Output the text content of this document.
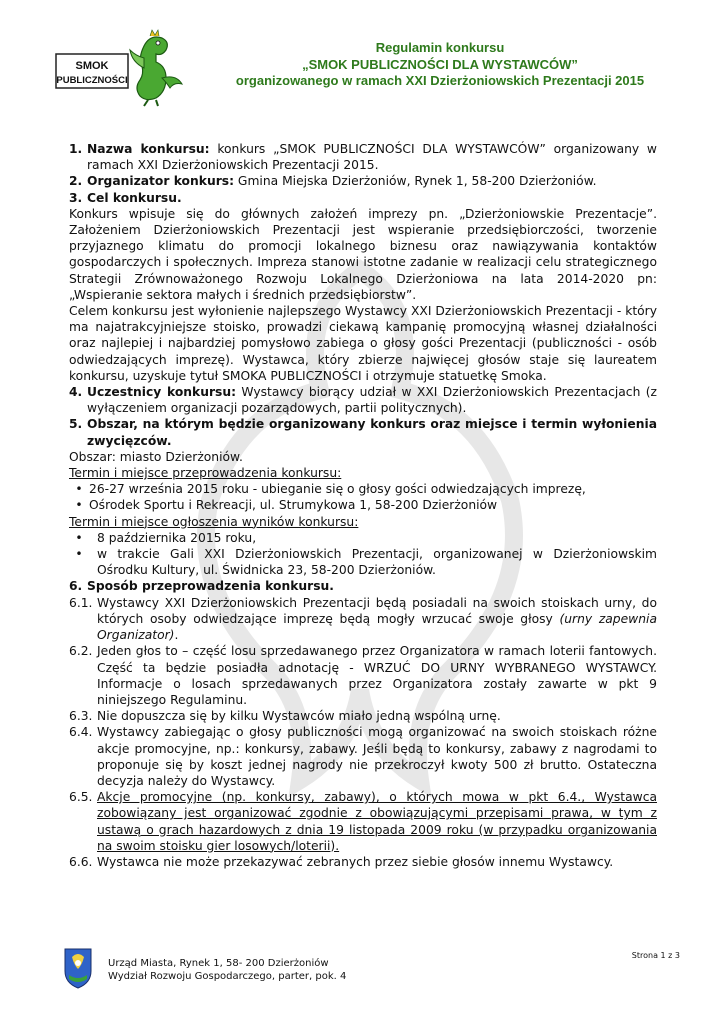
SMOK
PUBLICZNOŚCI
Regulamin konkursu
„SMOK PUBLICZNOŚCI DLA WYSTAWCÓW”
organizowanego w ramach XXI Dzierżoniowskich Prezentacji 2015
1. Nazwa konkursu: konkurs „SMOK PUBLICZNOŚCI DLA WYSTAWCÓW” organizowany w ramach XXI Dzierżoniowskich Prezentacji 2015.
2. Organizator konkurs: Gmina Miejska Dzierżoniów, Rynek 1, 58-200 Dzierżoniów.
3. Cel konkursu.

Konkurs wpisuje się do głównych założeń imprezy pn. „Dzierżoniowskie Prezentacje”. Założeniem Dzierżoniowskich Prezentacji jest wspieranie przedsiębiorczości, tworzenie przyjaznego klimatu do promocji lokalnego biznesu oraz nawiązywania kontaktów gospodarczych i społecznych. Impreza stanowi istotne zadanie w realizacji celu strategicznego Strategii Zrównoważonego Rozwoju Lokalnego Dzierżoniowa na lata 2014-2020 pn: „Wspieranie sektora małych i średnich przedsiębiorstw”.

Celem konkursu jest wyłonienie najlepszego Wystawcy XXI Dzierżoniowskich Prezentacji - który ma najatrakcyjniejsze stoisko, prowadzi ciekawą kampanię promocyjną własnej działalności oraz najlepiej i najbardziej pomysłowo zabiega o głosy gości Prezentacji (publiczności - osób odwiedzających imprezę). Wystawca, który zbierze najwięcej głosów staje się laureatem konkursu, uzyskuje tytuł SMOKA PUBLICZNOŚCI i otrzymuje statuetkę Smoka.

4. Uczestnicy konkursu: Wystawcy biorący udział w XXI Dzierżoniowskich Prezentacjach (z wyłączeniem organizacji pozarządowych, partii politycznych).
5. Obszar, na którym będzie organizowany konkurs oraz miejsce i termin wyłonienia zwycięzców.

Obszar: miasto Dzierżoniów.

Termin i miejsce przeprowadzenia konkursu:

• 26-27 września 2015 roku - ubieganie się o głosy gości odwiedzających imprezę,
• Ośrodek Sportu i Rekreacji, ul. Strumykowa 1, 58-200 Dzierżoniów

Termin i miejsce ogłoszenia wyników konkursu:

•	8 października 2015 roku,
•	w trakcie Gali XXI Dzierżoniowskich Prezentacji, organizowanej w Dzierżoniowskim Ośrodku Kultury, ul. Świdnicka 23, 58-200 Dzierżoniów.
6. Sposób przeprowadzenia konkursu.
6.1. Wystawcy XXI Dzierżoniowskich Prezentacji będą posiadali na swoich stoiskach urny, do których osoby odwiedzające imprezę będą mogły wrzucać swoje głosy (urny zapewnia Organizator).
6.2. Jeden głos to – część losu sprzedawanego przez Organizatora w ramach loterii fantowych. Część ta będzie posiadła adnotację - WRZUĆ DO URNY WYBRANEGO WYSTAWCY. Informacje o losach sprzedawanych przez Organizatora zostały zawarte w pkt 9 niniejszego Regulaminu.
6.3. Nie dopuszcza się by kilku Wystawców miało jedną wspólną urnę.
6.4. Wystawcy zabiegając o głosy publiczności mogą organizować na swoich stoiskach różne akcje promocyjne, np.: konkursy, zabawy. Jeśli będą to konkursy, zabawy z nagrodami to proponuje się by koszt jednej nagrody nie przekroczył kwoty 500 zł brutto. Ostateczna decyzja należy do Wystawcy.
6.5. Akcje promocyjne (np. konkursy, zabawy), o których mowa w pkt 6.4., Wystawca zobowiązany jest organizować zgodnie z obowiązującymi przepisami prawa, w tym z ustawą o grach hazardowych z dnia 19 listopada 2009 roku (w przypadku organizowania na swoim stoisku gier losowych/loterii).
6.6. Wystawca nie może przekazywać zebranych przez siebie głosów innemu Wystawcy.
Urząd Miasta, Rynek 1, 58- 200 Dzierżoniów
Wydział Rozwoju Gospodarczego, parter, pok. 4
Strona 1 z 3
